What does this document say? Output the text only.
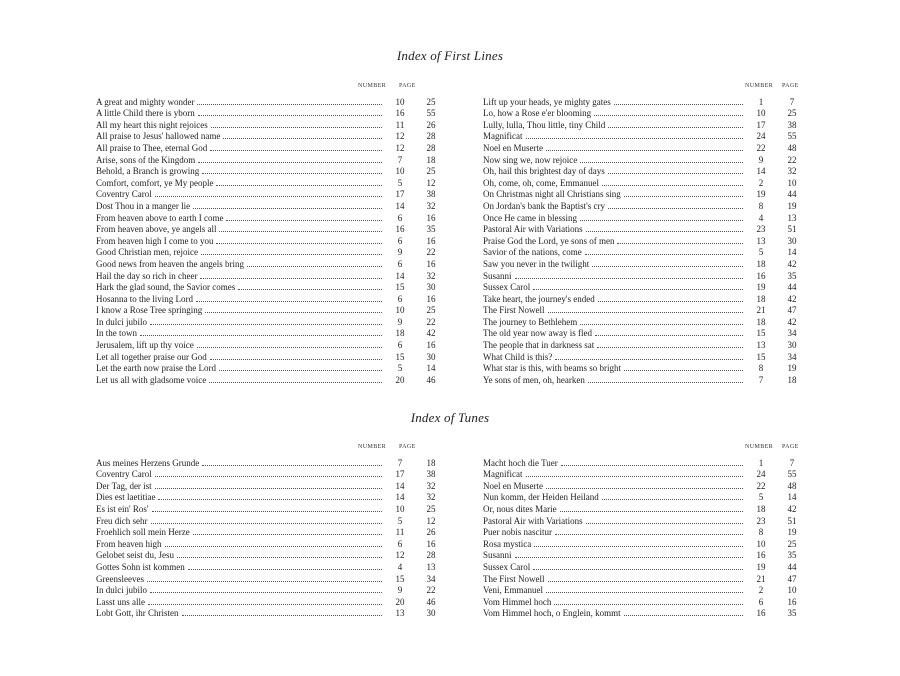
Index of First Lines
NUMBER PAGE
A great and mighty wonder	10	25
A little Child there is yborn	16	55
All my heart this night rejoices	11	26
All praise to Jesus' hallowed name	12	28
All praise to Thee, eternal God	12	28
Arise, sons of the Kingdom	7	18
Behold, a Branch is growing	10	25
Comfort, comfort, ye My people	5	12
Coventry Carol	17	38
Dost Thou in a manger lie	14	32
From heaven above to earth I come	6	16
From heaven above, ye angels all	16	35
From heaven high I come to you	6	16
Good Christian men, rejoice	9	22
Good news from heaven the angels bring	6	16
Hail the day so rich in cheer	14	32
Hark the glad sound, the Savior comes	15	30
Hosanna to the living Lord	6	16
I know a Rose Tree springing	10	25
In dulci jubilo	9	22
In the town	18	42
Jerusalem, lift up thy voice	6	16
Let all together praise our God	15	30
Let the earth now praise the Lord	5	14
Let us all with gladsome voice	20	46
NUMBER PAGE
Lift up your heads, ye mighty gates	1	7
Lo, how a Rose e'er blooming	10	25
Lully, lulla, Thou little, tiny Child	17	38
Magnificat	24	55
Noel en Muserte	22	48
Now sing we, now rejoice	9	22
Oh, hail this brightest day of days	14	32
Oh, come, oh, come, Emmanuel	2	10
On Christmas night all Christians sing	19	44
On Jordan's bank the Baptist's cry	8	19
Once He came in blessing	4	13
Pastoral Air with Variations	23	51
Praise God the Lord, ye sons of men	13	30
Savior of the nations, come	5	14
Saw you never in the twilight	18	42
Susanni	16	35
Sussex Carol	19	44
Take heart, the journey's ended	18	42
The First Nowell	21	47
The journey to Bethlehem	18	42
The old year now away is fled	15	34
The people that in darkness sat	13	30
What Child is this?	15	34
What star is this, with beams so bright	8	19
Ye sons of men, oh, hearken	7	18
Index of Tunes
NUMBER PAGE
Aus meines Herzens Grunde	7	18
Coventry Carol	17	38
Der Tag, der ist	14	32
Dies est laetitiae	14	32
Es ist ein' Ros'	10	25
Freu dich sehr	5	12
Froehlich soll mein Herze	11	26
From heaven high	6	16
Gelobet seist du, Jesu	12	28
Gottes Sohn ist kommen	4	13
Greensleeves	15	34
In dulci jubilo	9	22
Lasst uns alle	20	46
Lobt Gott, ihr Christen	13	30
NUMBER PAGE
Macht hoch die Tuer	1	7
Magnificat	24	55
Noel en Muserte	22	48
Nun komm, der Heiden Heiland	5	14
Or, nous dites Marie	18	42
Pastoral Air with Variations	23	51
Puer nobis nascitur	8	19
Rosa mystica	10	25
Susanni	16	35
Sussex Carol	19	44
The First Nowell	21	47
Veni, Emmanuel	2	10
Vom Himmel hoch	6	16
Vom Himmel hoch, o Englein, kommt	16	35
